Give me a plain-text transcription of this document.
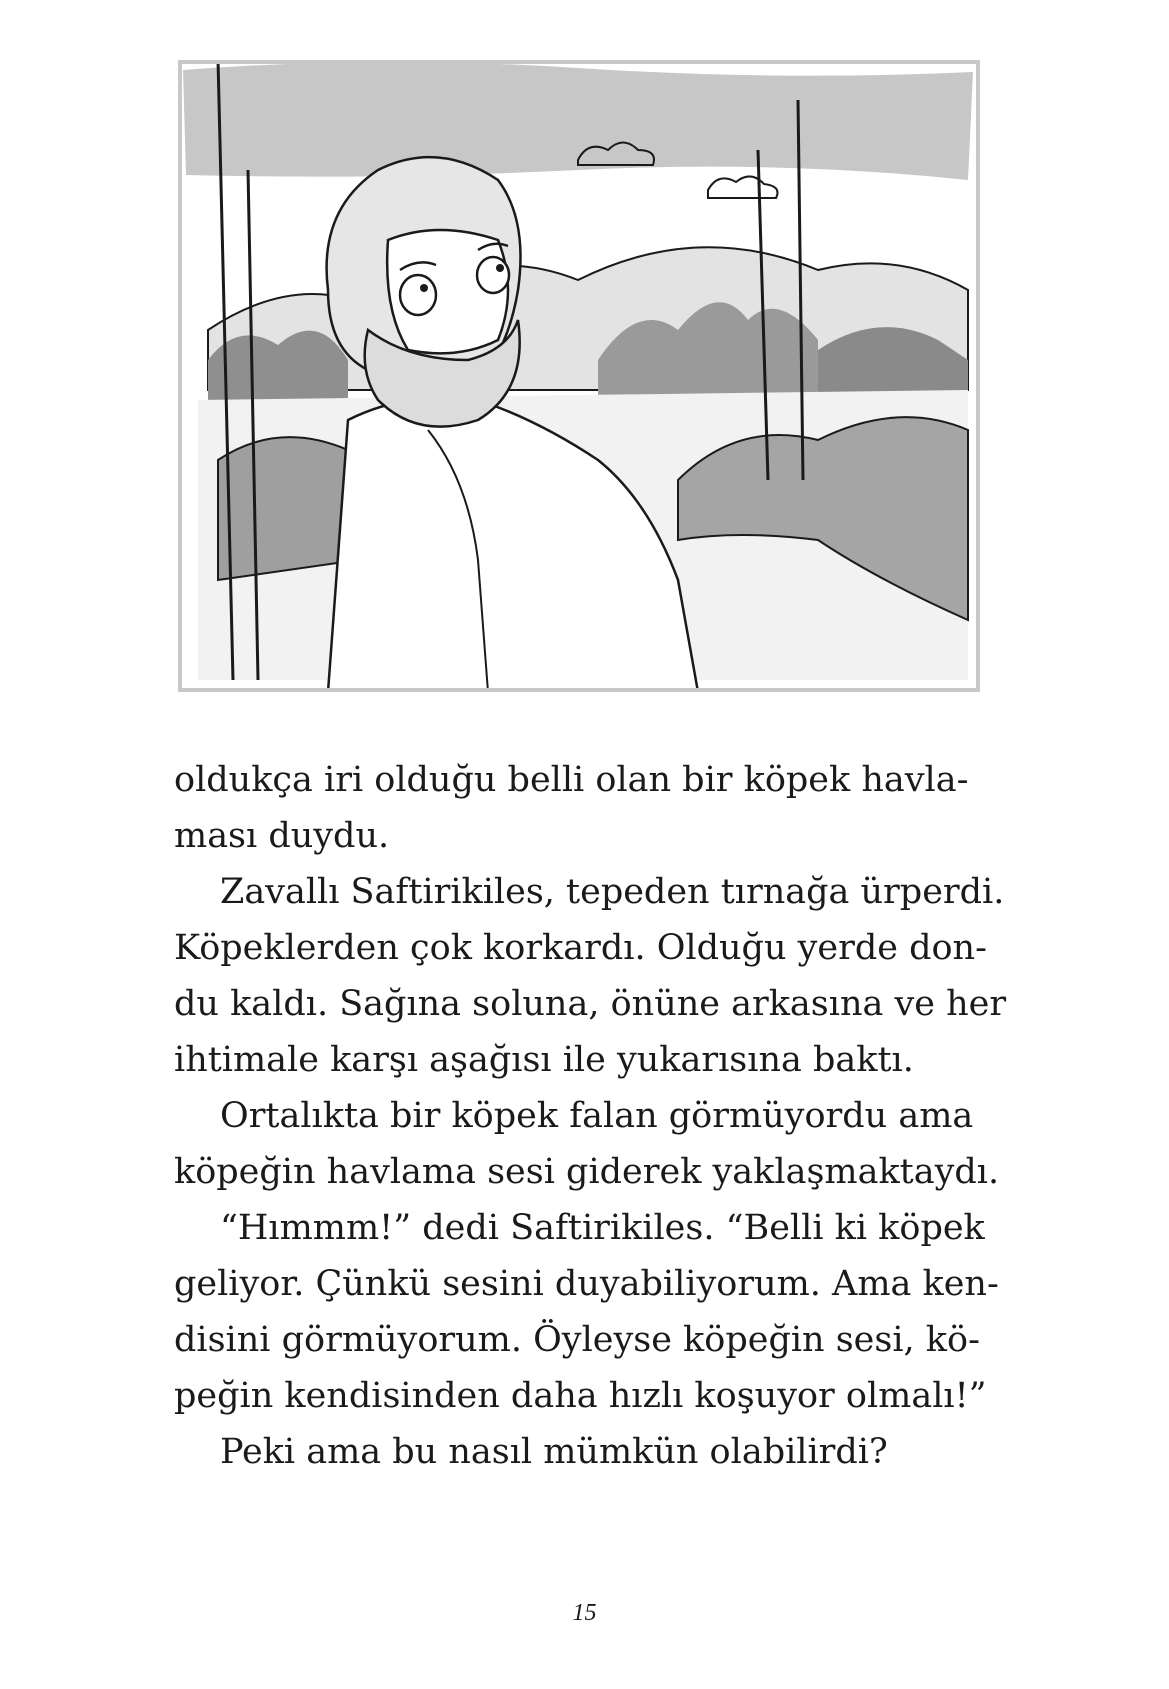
oldukça iri olduğu belli olan bir köpek havla-
ması duydu.
Zavallı Saftirikiles, tepeden tırnağa ürperdi.
Köpeklerden çok korkardı. Olduğu yerde don-
du kaldı. Sağına soluna, önüne arkasına ve her
ihtimale karşı aşağısı ile yukarısına baktı.
Ortalıkta bir köpek falan görmüyordu ama
köpeğin havlama sesi giderek yaklaşmaktaydı.
“Hımmm!” dedi Saftirikiles. “Belli ki köpek
geliyor. Çünkü sesini duyabiliyorum. Ama ken-
disini görmüyorum. Öyleyse köpeğin sesi, kö-
peğin kendisinden daha hızlı koşuyor olmalı!”
Peki ama bu nasıl mümkün olabilirdi?
15
